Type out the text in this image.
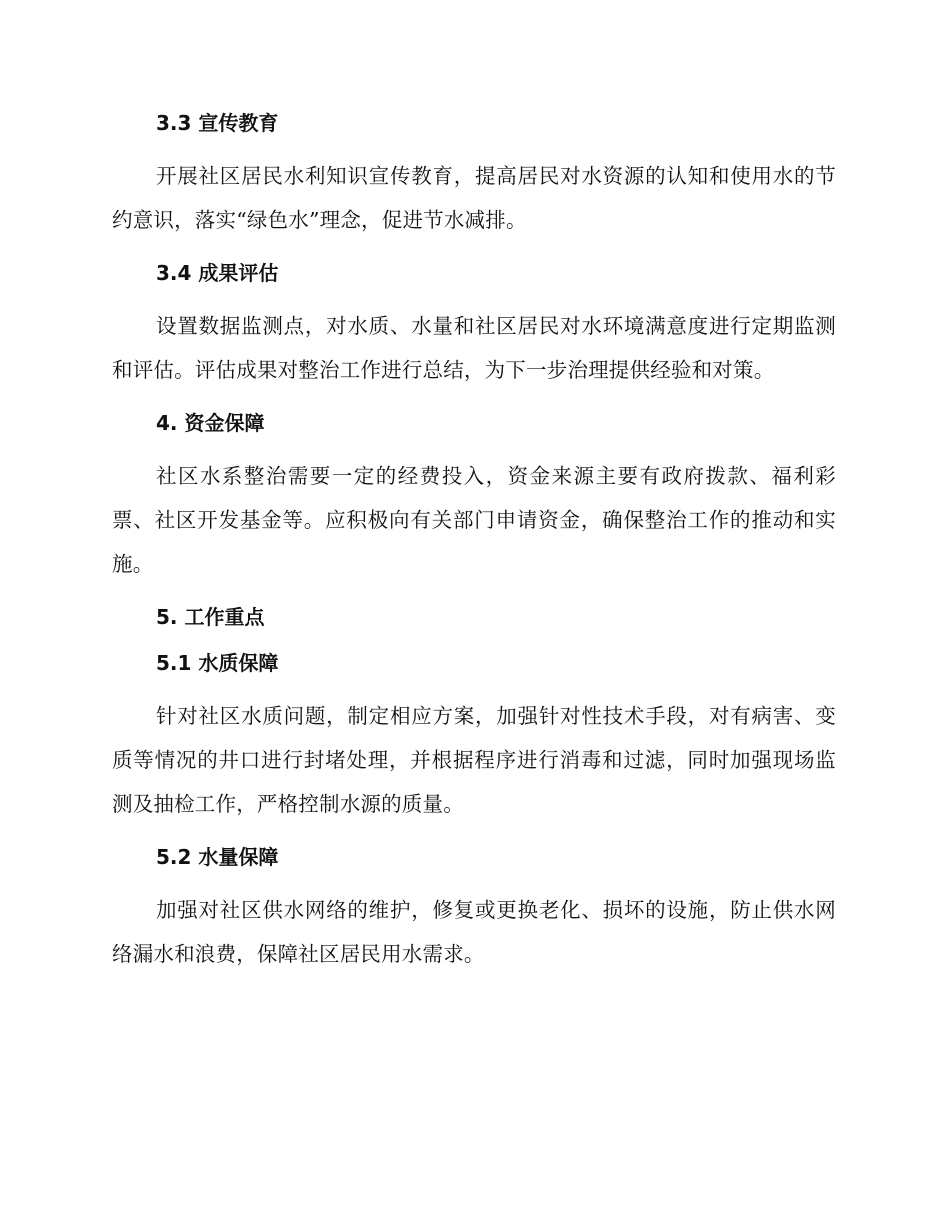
3.3 宣传教育

开展社区居民水利知识宣传教育，提高居民对水资源的认知和使用水的节约意识，落实“绿色水”理念，促进节水减排。

3.4 成果评估

设置数据监测点，对水质、水量和社区居民对水环境满意度进行定期监测和评估。评估成果对整治工作进行总结，为下一步治理提供经验和对策。

4. 资金保障

社区水系整治需要一定的经费投入，资金来源主要有政府拨款、福利彩票、社区开发基金等。应积极向有关部门申请资金，确保整治工作的推动和实施。

5. 工作重点
5.1 水质保障

针对社区水质问题，制定相应方案，加强针对性技术手段，对有病害、变质等情况的井口进行封堵处理，并根据程序进行消毒和过滤，同时加强现场监测及抽检工作，严格控制水源的质量。

5.2 水量保障

加强对社区供水网络的维护，修复或更换老化、损坏的设施，防止供水网络漏水和浪费，保障社区居民用水需求。
